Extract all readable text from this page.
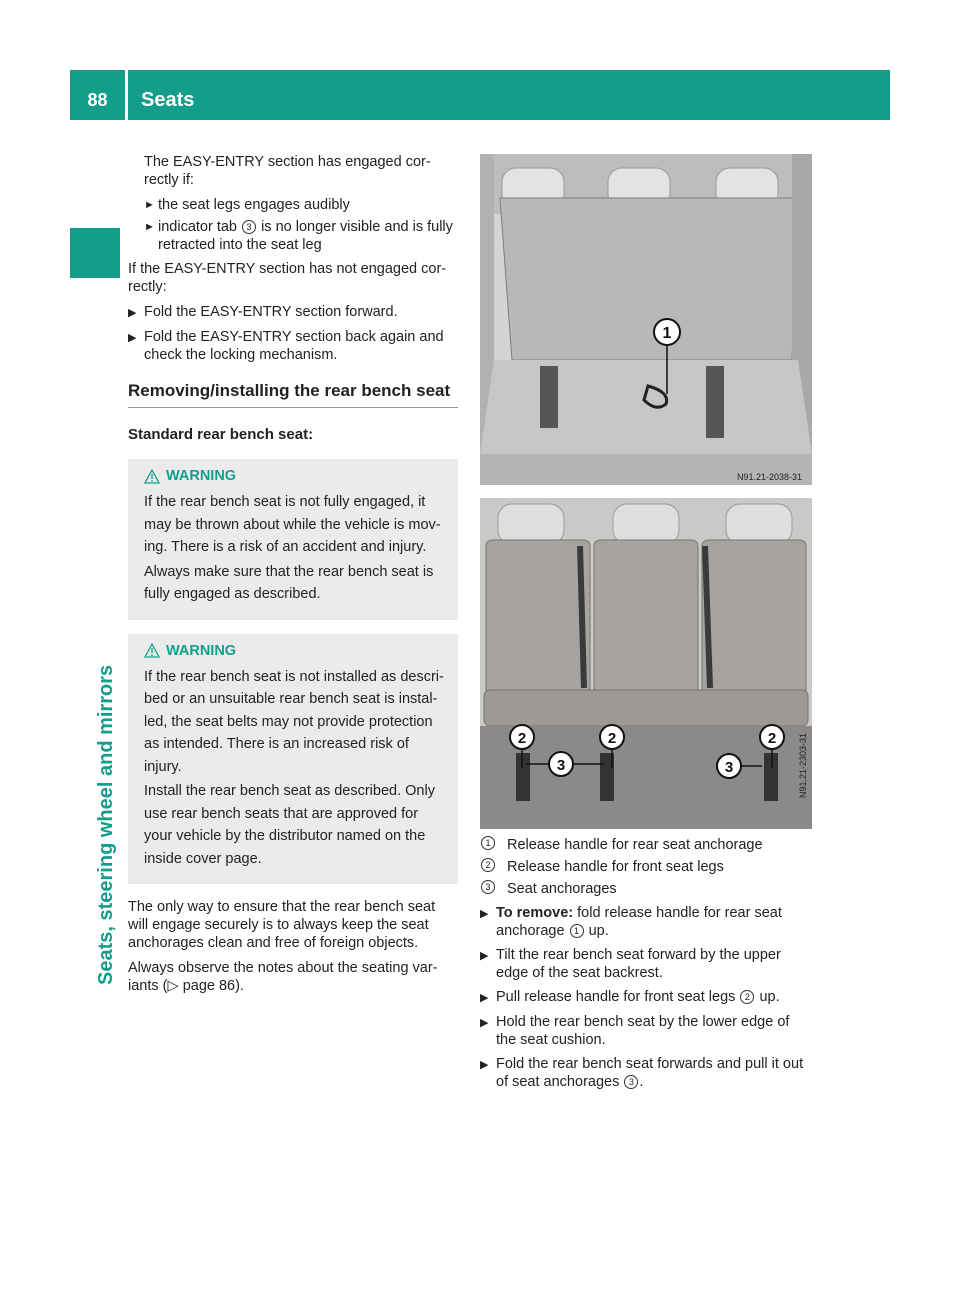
88	Seats
Seats, steering wheel and mirrors

The EASY-ENTRY section has engaged cor-rectly if:

► the seat legs engages audibly
► indicator tab 3 is no longer visible and is fully retracted into the seat leg

If the EASY-ENTRY section has not engaged cor-rectly:

▶ Fold the EASY-ENTRY section forward.
▶ Fold the EASY-ENTRY section back again and check the locking mechanism.
Removing/installing the rear bench seat
Standard rear bench seat:
WARNING

If the rear bench seat is not fully engaged, it may be thrown about while the vehicle is mov-ing. There is a risk of an accident and injury.

Always make sure that the rear bench seat is fully engaged as described.

WARNING

If the rear bench seat is not installed as descri-bed or an unsuitable rear bench seat is instal-led, the seat belts may not provide protection as intended. There is an increased risk of injury.

Install the rear bench seat as described. Only use rear bench seats that are approved for your vehicle by the distributor named on the inside cover page.

The only way to ensure that the rear bench seat will engage securely is to always keep the seat anchorages clean and free of foreign objects.

Always observe the notes about the seating var-iants (▷ page 86).

1
N91.21-2038-31
2	2	2
3	3	N91.21-2303-31
1	Release handle for rear seat anchorage
2	Release handle for front seat legs
3	Seat anchorages
▶ To remove: fold release handle for rear seat anchorage 1 up.
▶ Tilt the rear bench seat forward by the upper edge of the seat backrest.
▶ Pull release handle for front seat legs 2 up.
▶ Hold the rear bench seat by the lower edge of the seat cushion.
▶ Fold the rear bench seat forwards and pull it out of seat anchorages 3 .
